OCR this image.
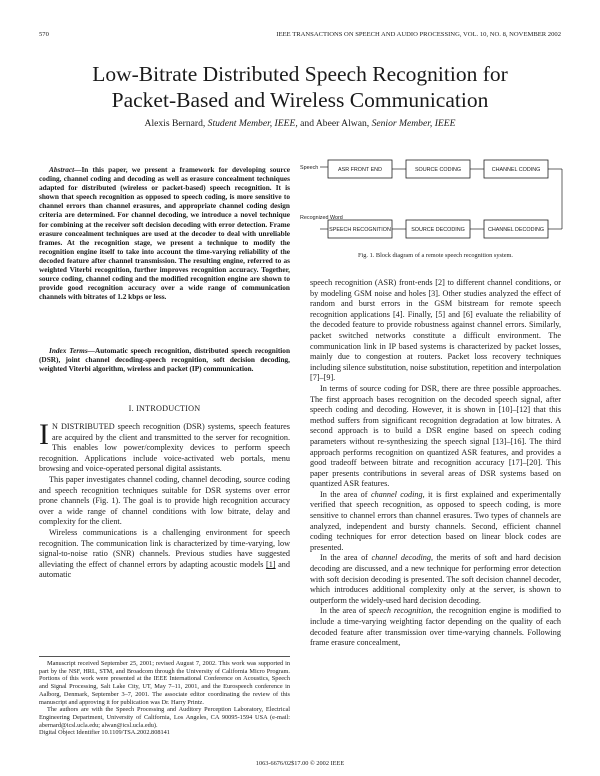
570	IEEE TRANSACTIONS ON SPEECH AND AUDIO PROCESSING, VOL. 10, NO. 8, NOVEMBER 2002
Low-Bitrate Distributed Speech Recognition for
Packet-Based and Wireless Communication
Alexis Bernard, Student Member, IEEE, and Abeer Alwan, Senior Member, IEEE
Abstract—In this paper, we present a framework for developing source coding, channel coding and decoding as well as erasure concealment techniques adapted for distributed (wireless or packet-based) speech recognition. It is shown that speech recognition as opposed to speech coding, is more sensitive to channel errors than channel erasures, and appropriate channel coding design criteria are determined. For channel decoding, we introduce a novel technique for combining at the receiver soft decision decoding with error detection. Frame erasure concealment techniques are used at the decoder to deal with unreliable frames. At the recognition stage, we present a technique to modify the recognition engine itself to take into account the time-varying reliability of the decoded feature after channel transmission. The resulting engine, referred to as weighted Viterbi recognition, further improves recognition accuracy. Together, source coding, channel coding and the modified recognition engine are shown to provide good recognition accuracy over a wide range of communication channels with bitrates of 1.2 kbps or less.
Index Terms—Automatic speech recognition, distributed speech recognition (DSR), joint channel decoding-speech recognition, soft decision decoding, weighted Viterbi algorithm, wireless and packet (IP) communication.
I. INTRODUCTION

I N DISTRIBUTED speech recognition (DSR) systems, speech features are acquired by the client and transmitted to the server for recognition. This enables low power/complexity devices to perform speech recognition. Applications include voice-activated web portals, menu browsing and voice-operated personal digital assistants.

This paper investigates channel coding, channel decoding, source coding and speech recognition techniques suitable for DSR systems over error prone channels (Fig. 1). The goal is to provide high recognition accuracy over a wide range of channel conditions with low bitrate, delay and complexity for the client.

Wireless communications is a challenging environment for speech recognition. The communication link is characterized by time-varying, low signal-to-noise ratio (SNR) channels. Previous studies have suggested alleviating the effect of channel errors by adapting acoustic models [1] and automatic

Manuscript received September 25, 2001; revised August 7, 2002. This work was supported in part by the NSF, HRL, STM, and Broadcom through the University of California Micro Program. Portions of this work were presented at the IEEE International Conference on Acoustics, Speech and Signal Processing, Salt Lake City, UT, May 7–11, 2001, and the Eurospeech conference in Aalborg, Denmark, September 3–7, 2001. The associate editor coordinating the review of this manuscript and approving it for publication was Dr. Harry Printz.

The authors are with the Speech Processing and Auditory Perception Laboratory, Electrical Engineering Department, University of California, Los Angeles, CA 90095-1594 USA (e-mail: abernard@icsl.ucla.edu; alwan@icsl.ucla.edu).

Digital Object Identifier 10.1109/TSA.2002.808141

Speech	ASR FRONT END	SOURCE CODING	CHANNEL CODING
CHANNEL DECODING
SOURCE DECODING
SPEECH RECOGNITION
Recognized Word
Fig. 1. Block diagram of a remote speech recognition system.

speech recognition (ASR) front-ends [2] to different channel conditions, or by modeling GSM noise and holes [3]. Other studies analyzed the effect of random and burst errors in the GSM bitstream for remote speech recognition applications [4]. Finally, [5] and [6] evaluate the reliability of the decoded feature to provide robustness against channel errors. Similarly, packet switched networks constitute a difficult environment. The communication link in IP based systems is characterized by packet losses, mainly due to congestion at routers. Packet loss recovery techniques including silence substitution, noise substitution, repetition and interpolation [7]–[9].

In terms of source coding for DSR, there are three possible approaches. The first approach bases recognition on the decoded speech signal, after speech coding and decoding. However, it is shown in [10]–[12] that this method suffers from significant recognition degradation at low bitrates. A second approach is to build a DSR engine based on speech coding parameters without re-synthesizing the speech signal [13]–[16]. The third approach performs recognition on quantized ASR features, and provides a good tradeoff between bitrate and recognition accuracy [17]–[20]. This paper presents contributions in several areas of DSR systems based on quantized ASR features.

In the area of channel coding, it is first explained and experimentally verified that speech recognition, as opposed to speech coding, is more sensitive to channel errors than channel erasures. Two types of channels are analyzed, independent and bursty channels. Second, efficient channel coding techniques for error detection based on linear block codes are presented.

In the area of channel decoding, the merits of soft and hard decision decoding are discussed, and a new technique for performing error detection with soft decision decoding is presented. The soft decision channel decoder, which introduces additional complexity only at the server, is shown to outperform the widely-used hard decision decoding.

In the area of speech recognition, the recognition engine is modified to include a time-varying weighting factor depending on the quality of each decoded feature after transmission over time-varying channels. Following frame erasure concealment,

1063-6676/02$17.00 © 2002 IEEE
